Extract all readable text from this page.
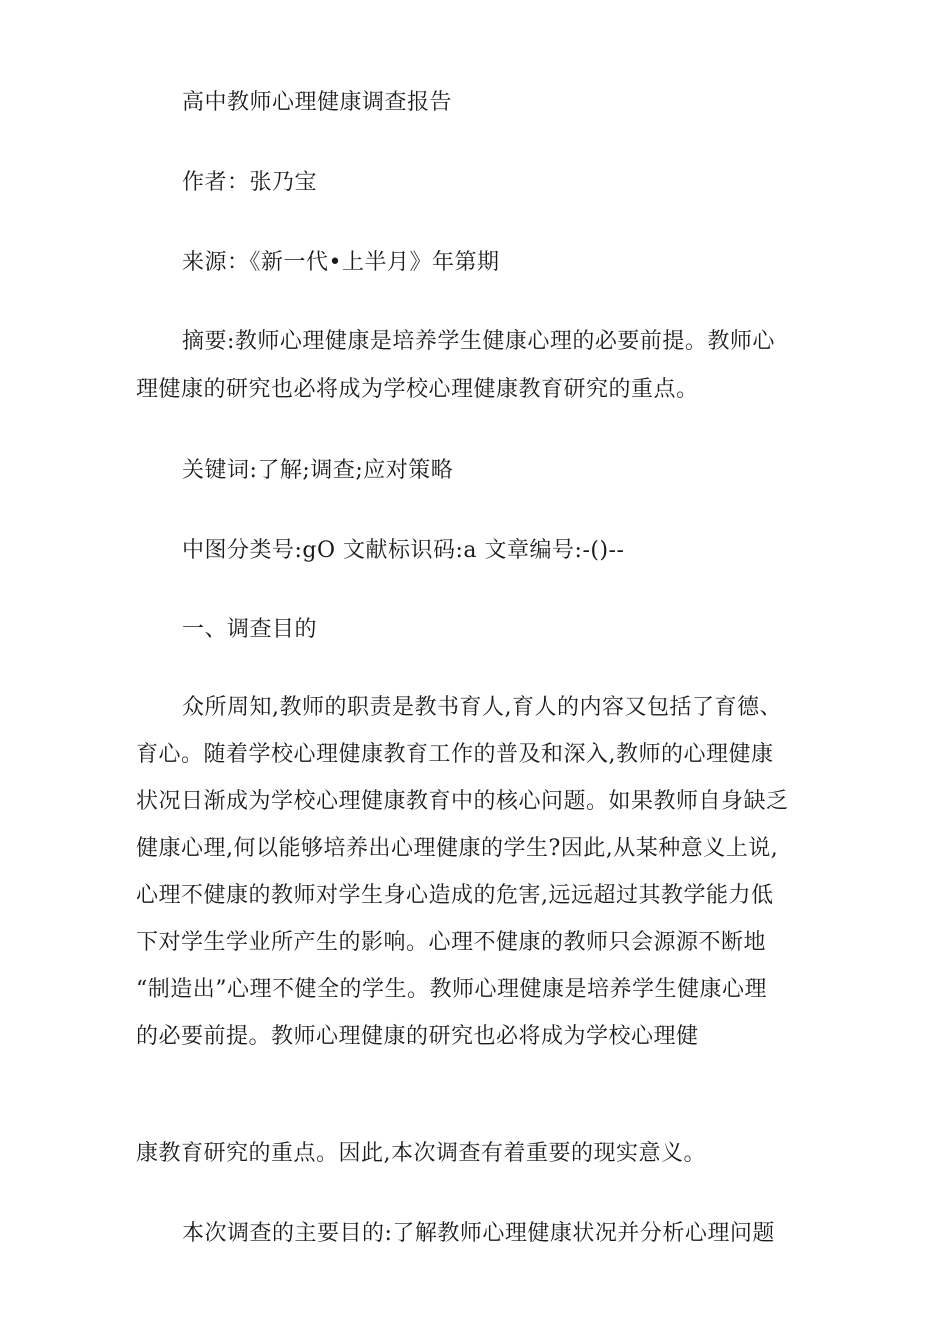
高中教师心理健康调查报告
作者：张乃宝
来源：《新一代•上半月》年第期
摘要:教师心理健康是培养学生健康心理的必要前提。教师心
理健康的研究也必将成为学校心理健康教育研究的重点。
关键词:了解;调查;应对策略
中图分类号:gO 文献标识码:a 文章编号:-()--
一、调查目的
众所周知,教师的职责是教书育人,育人的内容又包括了育德、
育心。随着学校心理健康教育工作的普及和深入,教师的心理健康
状况日渐成为学校心理健康教育中的核心问题。如果教师自身缺乏
健康心理,何以能够培养出心理健康的学生?因此,从某种意义上说,
心理不健康的教师对学生身心造成的危害,远远超过其教学能力低
下对学生学业所产生的影响。心理不健康的教师只会源源不断地
“制造出”心理不健全的学生。教师心理健康是培养学生健康心理
的必要前提。教师心理健康的研究也必将成为学校心理健
康教育研究的重点。因此,本次调查有着重要的现实意义。
本次调查的主要目的:了解教师心理健康状况并分析心理问题
